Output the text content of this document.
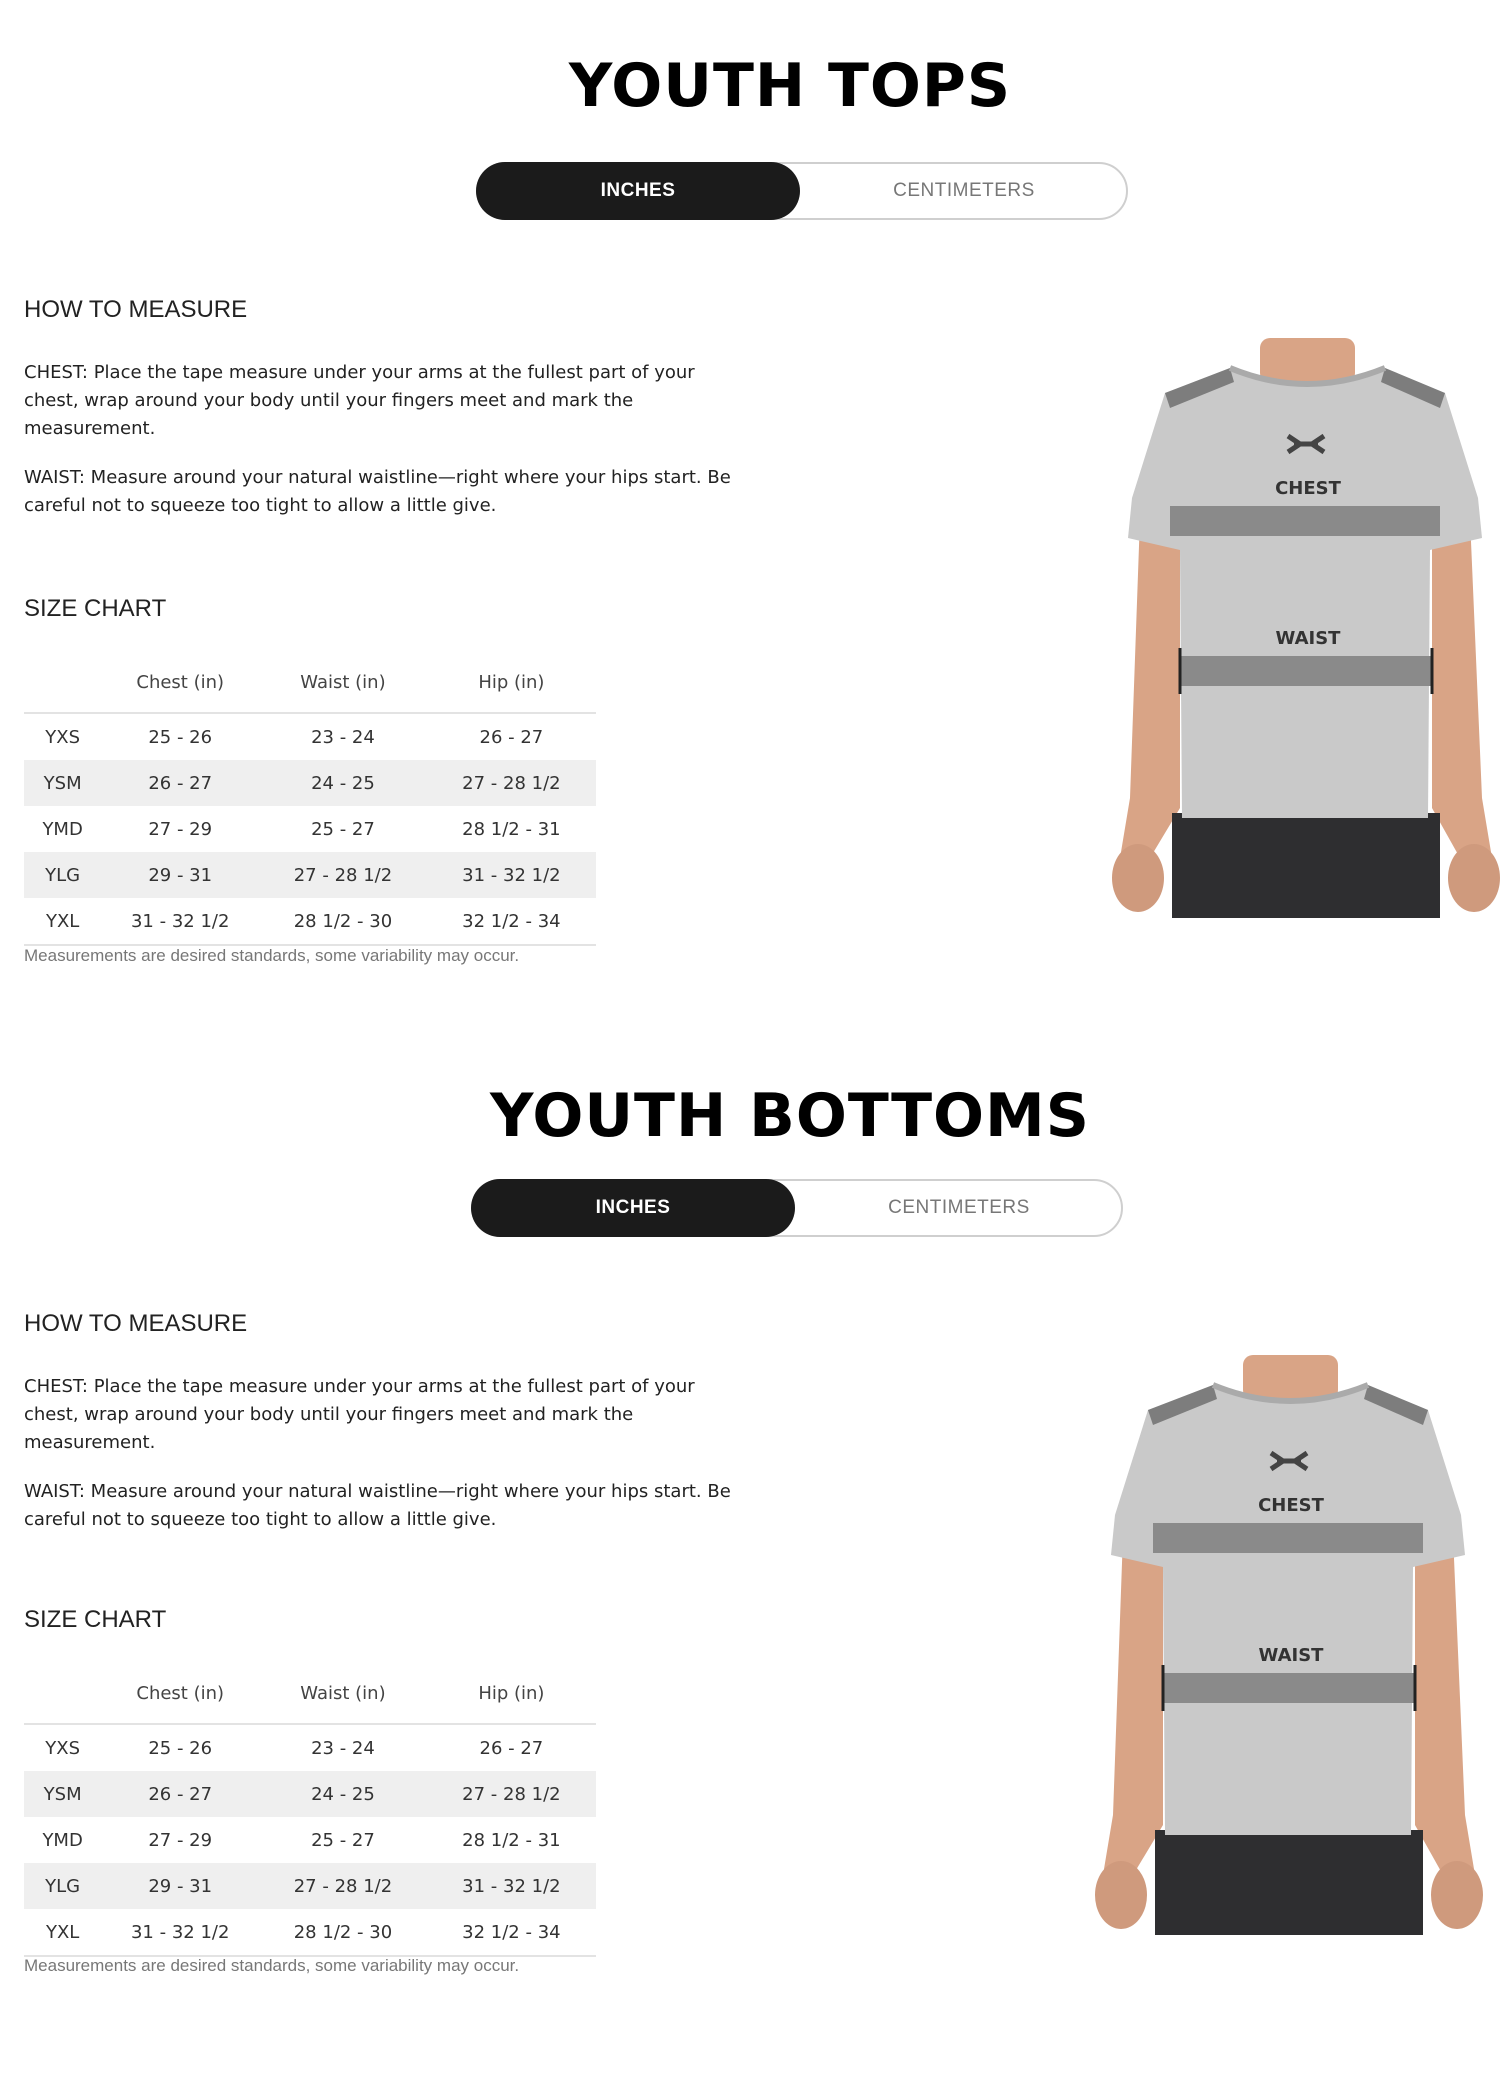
YOUTH TOPS
INCHES	CENTIMETERS
HOW TO MEASURE

CHEST: Place the tape measure under your arms at the fullest part of your chest, wrap around your body until your fingers meet and mark the measurement.

WAIST: Measure around your natural waistline—right where your hips start. Be careful not to squeeze too tight to allow a little give.

SIZE CHART
	Chest (in)	Waist (in)	Hip (in)
YXS	25 - 26	23 - 24	26 - 27
YSM	26 - 27	24 - 25	27 - 28 1/2
YMD	27 - 29	25 - 27	28 1/2 - 31
YLG	29 - 31	27 - 28 1/2	31 - 32 1/2
YXL	31 - 32 1/2	28 1/2 - 30	32 1/2 - 34

Measurements are desired standards, some variability may occur.

CHEST
WAIST
YOUTH BOTTOMS
INCHES	CENTIMETERS
HOW TO MEASURE

CHEST: Place the tape measure under your arms at the fullest part of your chest, wrap around your body until your fingers meet and mark the measurement.

WAIST: Measure around your natural waistline—right where your hips start. Be careful not to squeeze too tight to allow a little give.

SIZE CHART
	Chest (in)	Waist (in)	Hip (in)
YXS	25 - 26	23 - 24	26 - 27
YSM	26 - 27	24 - 25	27 - 28 1/2
YMD	27 - 29	25 - 27	28 1/2 - 31
YLG	29 - 31	27 - 28 1/2	31 - 32 1/2
YXL	31 - 32 1/2	28 1/2 - 30	32 1/2 - 34

Measurements are desired standards, some variability may occur.

CHEST
WAIST
